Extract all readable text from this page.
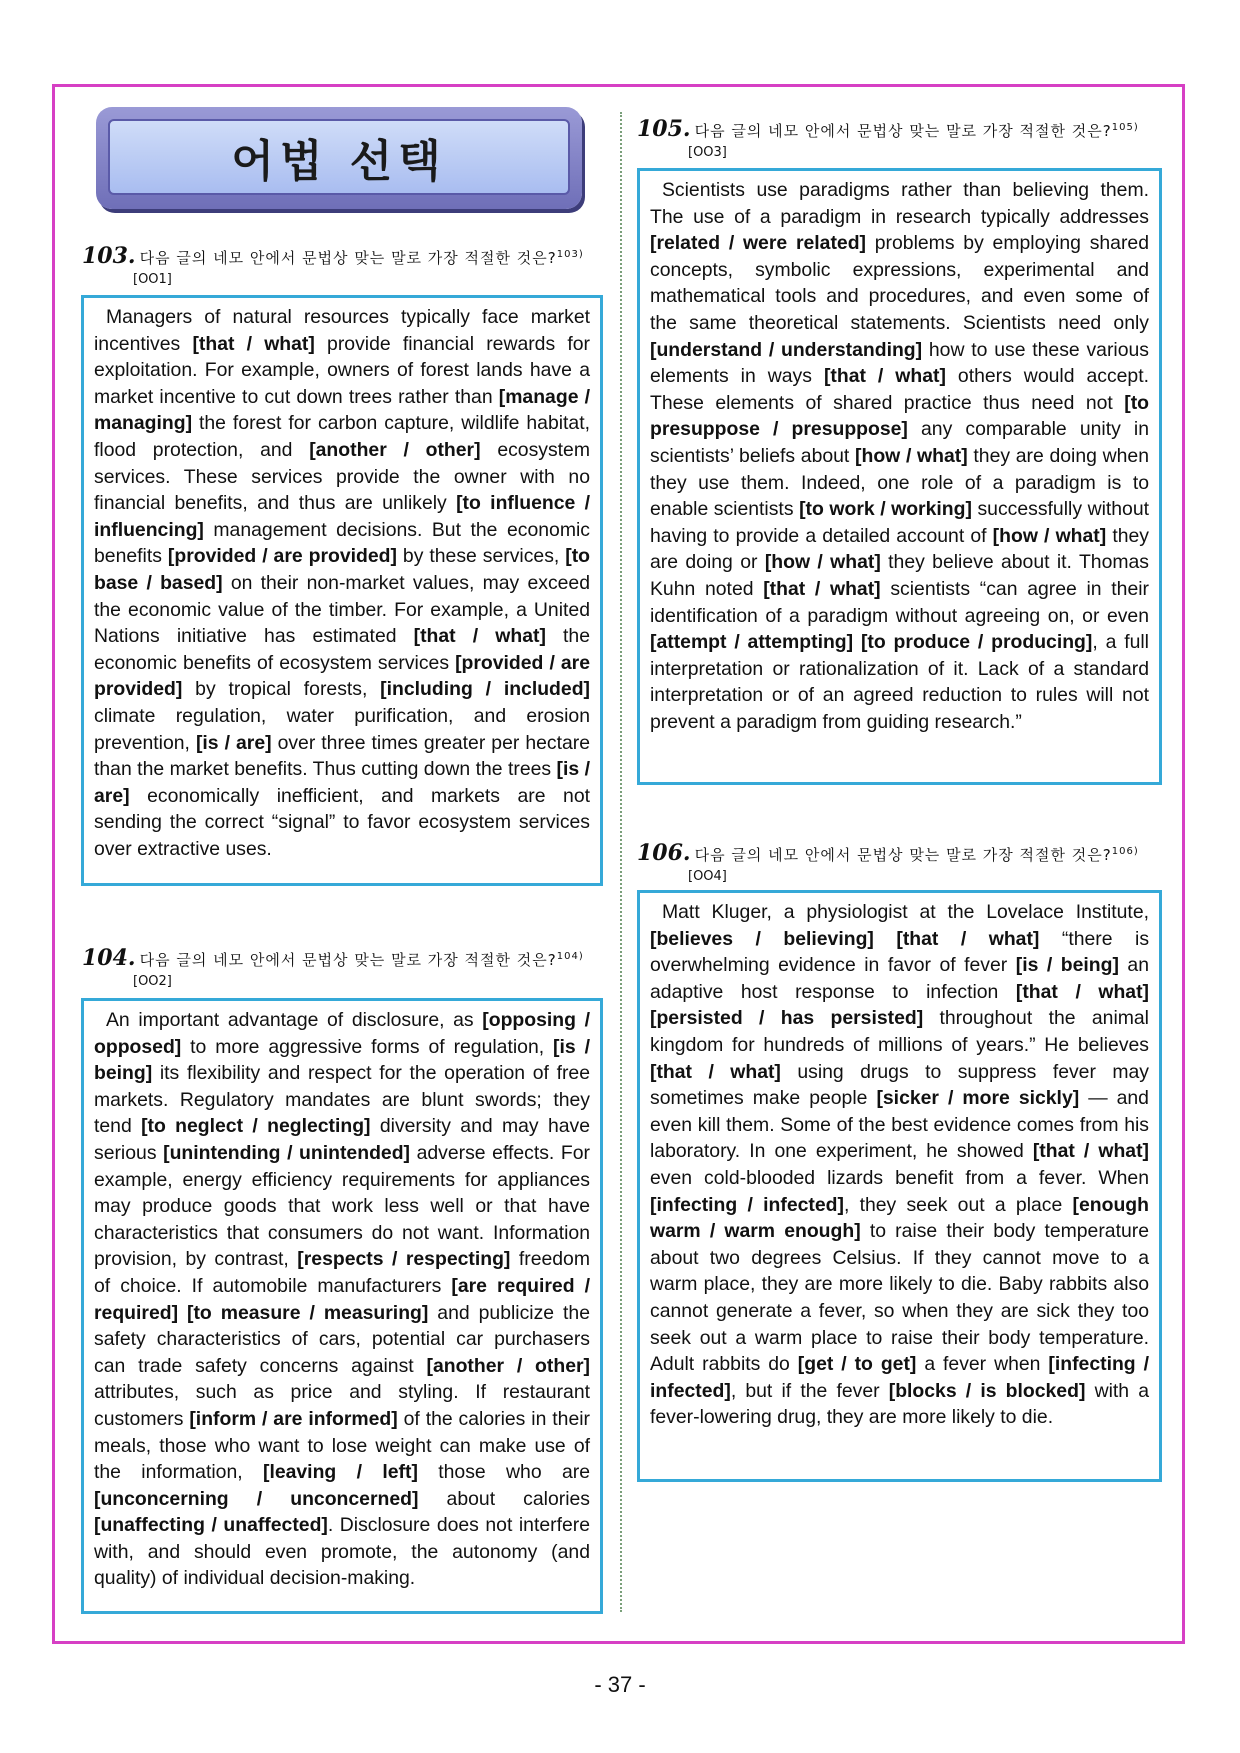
어법 선택
103. 다음 글의 네모 안에서 문법상 맞는 말로 가장 적절한 것은?$^{103)}$
[OO1]

Managers of natural resources typically face market incentives [that / what] provide financial rewards for exploitation. For example, owners of forest lands have a market incentive to cut down trees rather than [manage / managing] the forest for carbon capture, wildlife habitat, flood protection, and [another / other] ecosystem services. These services provide the owner with no financial benefits, and thus are unlikely [to influence / influencing] management decisions. But the economic benefits [provided / are provided] by these services, [to base / based] on their non-market values, may exceed the economic value of the timber. For example, a United Nations initiative has estimated [that / what] the economic benefits of ecosystem services [provided / are provided] by tropical forests, [including / included] climate regulation, water purification, and erosion prevention, [is / are] over three times greater per hectare than the market benefits. Thus cutting down the trees [is / are] economically inefficient, and markets are not sending the correct “signal” to favor ecosystem services over extractive uses.

104. 다음 글의 네모 안에서 문법상 맞는 말로 가장 적절한 것은?$^{104)}$
[OO2]

An important advantage of disclosure, as [opposing / opposed] to more aggressive forms of regulation, [is / being] its flexibility and respect for the operation of free markets. Regulatory mandates are blunt swords; they tend [to neglect / neglecting] diversity and may have serious [unintending / unintended] adverse effects. For example, energy efficiency requirements for appliances may produce goods that work less well or that have characteristics that consumers do not want. Information provision, by contrast, [respects / respecting] freedom of choice. If automobile manufacturers [are required / required] [to measure / measuring] and publicize the safety characteristics of cars, potential car purchasers can trade safety concerns against [another / other] attributes, such as price and styling. If restaurant customers [inform / are informed] of the calories in their meals, those who want to lose weight can make use of the information, [leaving / left] those who are [unconcerning / unconcerned] about calories [unaffecting / unaffected]. Disclosure does not interfere with, and should even promote, the autonomy (and quality) of individual decision-making.

105. 다음 글의 네모 안에서 문법상 맞는 말로 가장 적절한 것은?$^{105)}$
[OO3]

Scientists use paradigms rather than believing them. The use of a paradigm in research typically addresses [related / were related] problems by employing shared concepts, symbolic expressions, experimental and mathematical tools and procedures, and even some of the same theoretical statements. Scientists need only [understand / understanding] how to use these various elements in ways [that / what] others would accept. These elements of shared practice thus need not [to presuppose / presuppose] any comparable unity in scientists’ beliefs about [how / what] they are doing when they use them. Indeed, one role of a paradigm is to enable scientists [to work / working] successfully without having to provide a detailed account of [how / what] they are doing or [how / what] they believe about it. Thomas Kuhn noted [that / what] scientists “can agree in their identification of a paradigm without agreeing on, or even [attempt / attempting] [to produce / producing], a full interpretation or rationalization of it. Lack of a standard interpretation or of an agreed reduction to rules will not prevent a paradigm from guiding research.”

106. 다음 글의 네모 안에서 문법상 맞는 말로 가장 적절한 것은?$^{106)}$
[OO4]

Matt Kluger, a physiologist at the Lovelace Institute, [believes / believing] [that / what] “there is overwhelming evidence in favor of fever [is / being] an adaptive host response to infection [that / what] [persisted / has persisted] throughout the animal kingdom for hundreds of millions of years.” He believes [that / what] using drugs to suppress fever may sometimes make people [sicker / more sickly] — and even kill them. Some of the best evidence comes from his laboratory. In one experiment, he showed [that / what] even cold-blooded lizards benefit from a fever. When [infecting / infected], they seek out a place [enough warm / warm enough] to raise their body temperature about two degrees Celsius. If they cannot move to a warm place, they are more likely to die. Baby rabbits also cannot generate a fever, so when they are sick they too seek out a warm place to raise their body temperature. Adult rabbits do [get / to get] a fever when [infecting / infected], but if the fever [blocks / is blocked] with a fever-lowering drug, they are more likely to die.

- 37 -
